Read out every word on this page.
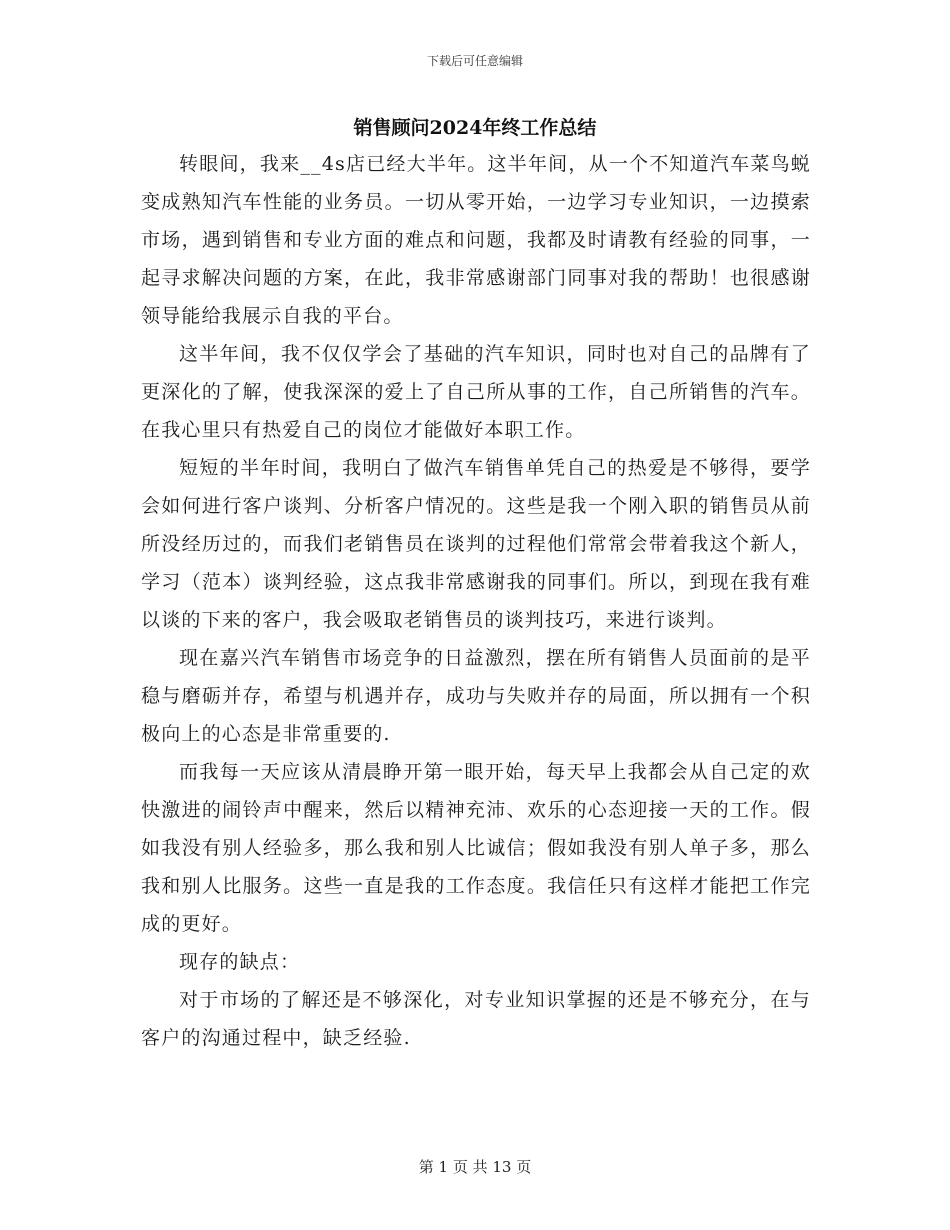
下载后可任意编辑
销售顾问2024年终工作总结

转眼间，我来__4s店已经大半年。这半年间，从一个不知道汽车菜鸟蜕变成熟知汽车性能的业务员。一切从零开始，一边学习专业知识，一边摸索市场，遇到销售和专业方面的难点和问题，我都及时请教有经验的同事，一起寻求解决问题的方案，在此，我非常感谢部门同事对我的帮助！也很感谢领导能给我展示自我的平台。

这半年间，我不仅仅学会了基础的汽车知识，同时也对自己的品牌有了更深化的了解，使我深深的爱上了自己所从事的工作，自己所销售的汽车。在我心里只有热爱自己的岗位才能做好本职工作。

短短的半年时间，我明白了做汽车销售单凭自己的热爱是不够得，要学会如何进行客户谈判、分析客户情况的。这些是我一个刚入职的销售员从前所没经历过的，而我们老销售员在谈判的过程他们常常会带着我这个新人，学习（范本）谈判经验，这点我非常感谢我的同事们。所以，到现在我有难以谈的下来的客户，我会吸取老销售员的谈判技巧，来进行谈判。

现在嘉兴汽车销售市场竞争的日益激烈，摆在所有销售人员面前的是平稳与磨砺并存，希望与机遇并存，成功与失败并存的局面，所以拥有一个积极向上的心态是非常重要的.

而我每一天应该从清晨睁开第一眼开始，每天早上我都会从自己定的欢快激进的闹铃声中醒来，然后以精神充沛、欢乐的心态迎接一天的工作。假如我没有别人经验多，那么我和别人比诚信；假如我没有别人单子多，那么我和别人比服务。这些一直是我的工作态度。我信任只有这样才能把工作完成的更好。

现存的缺点：

对于市场的了解还是不够深化，对专业知识掌握的还是不够充分，在与客户的沟通过程中，缺乏经验.

第 1 页 共 13 页
